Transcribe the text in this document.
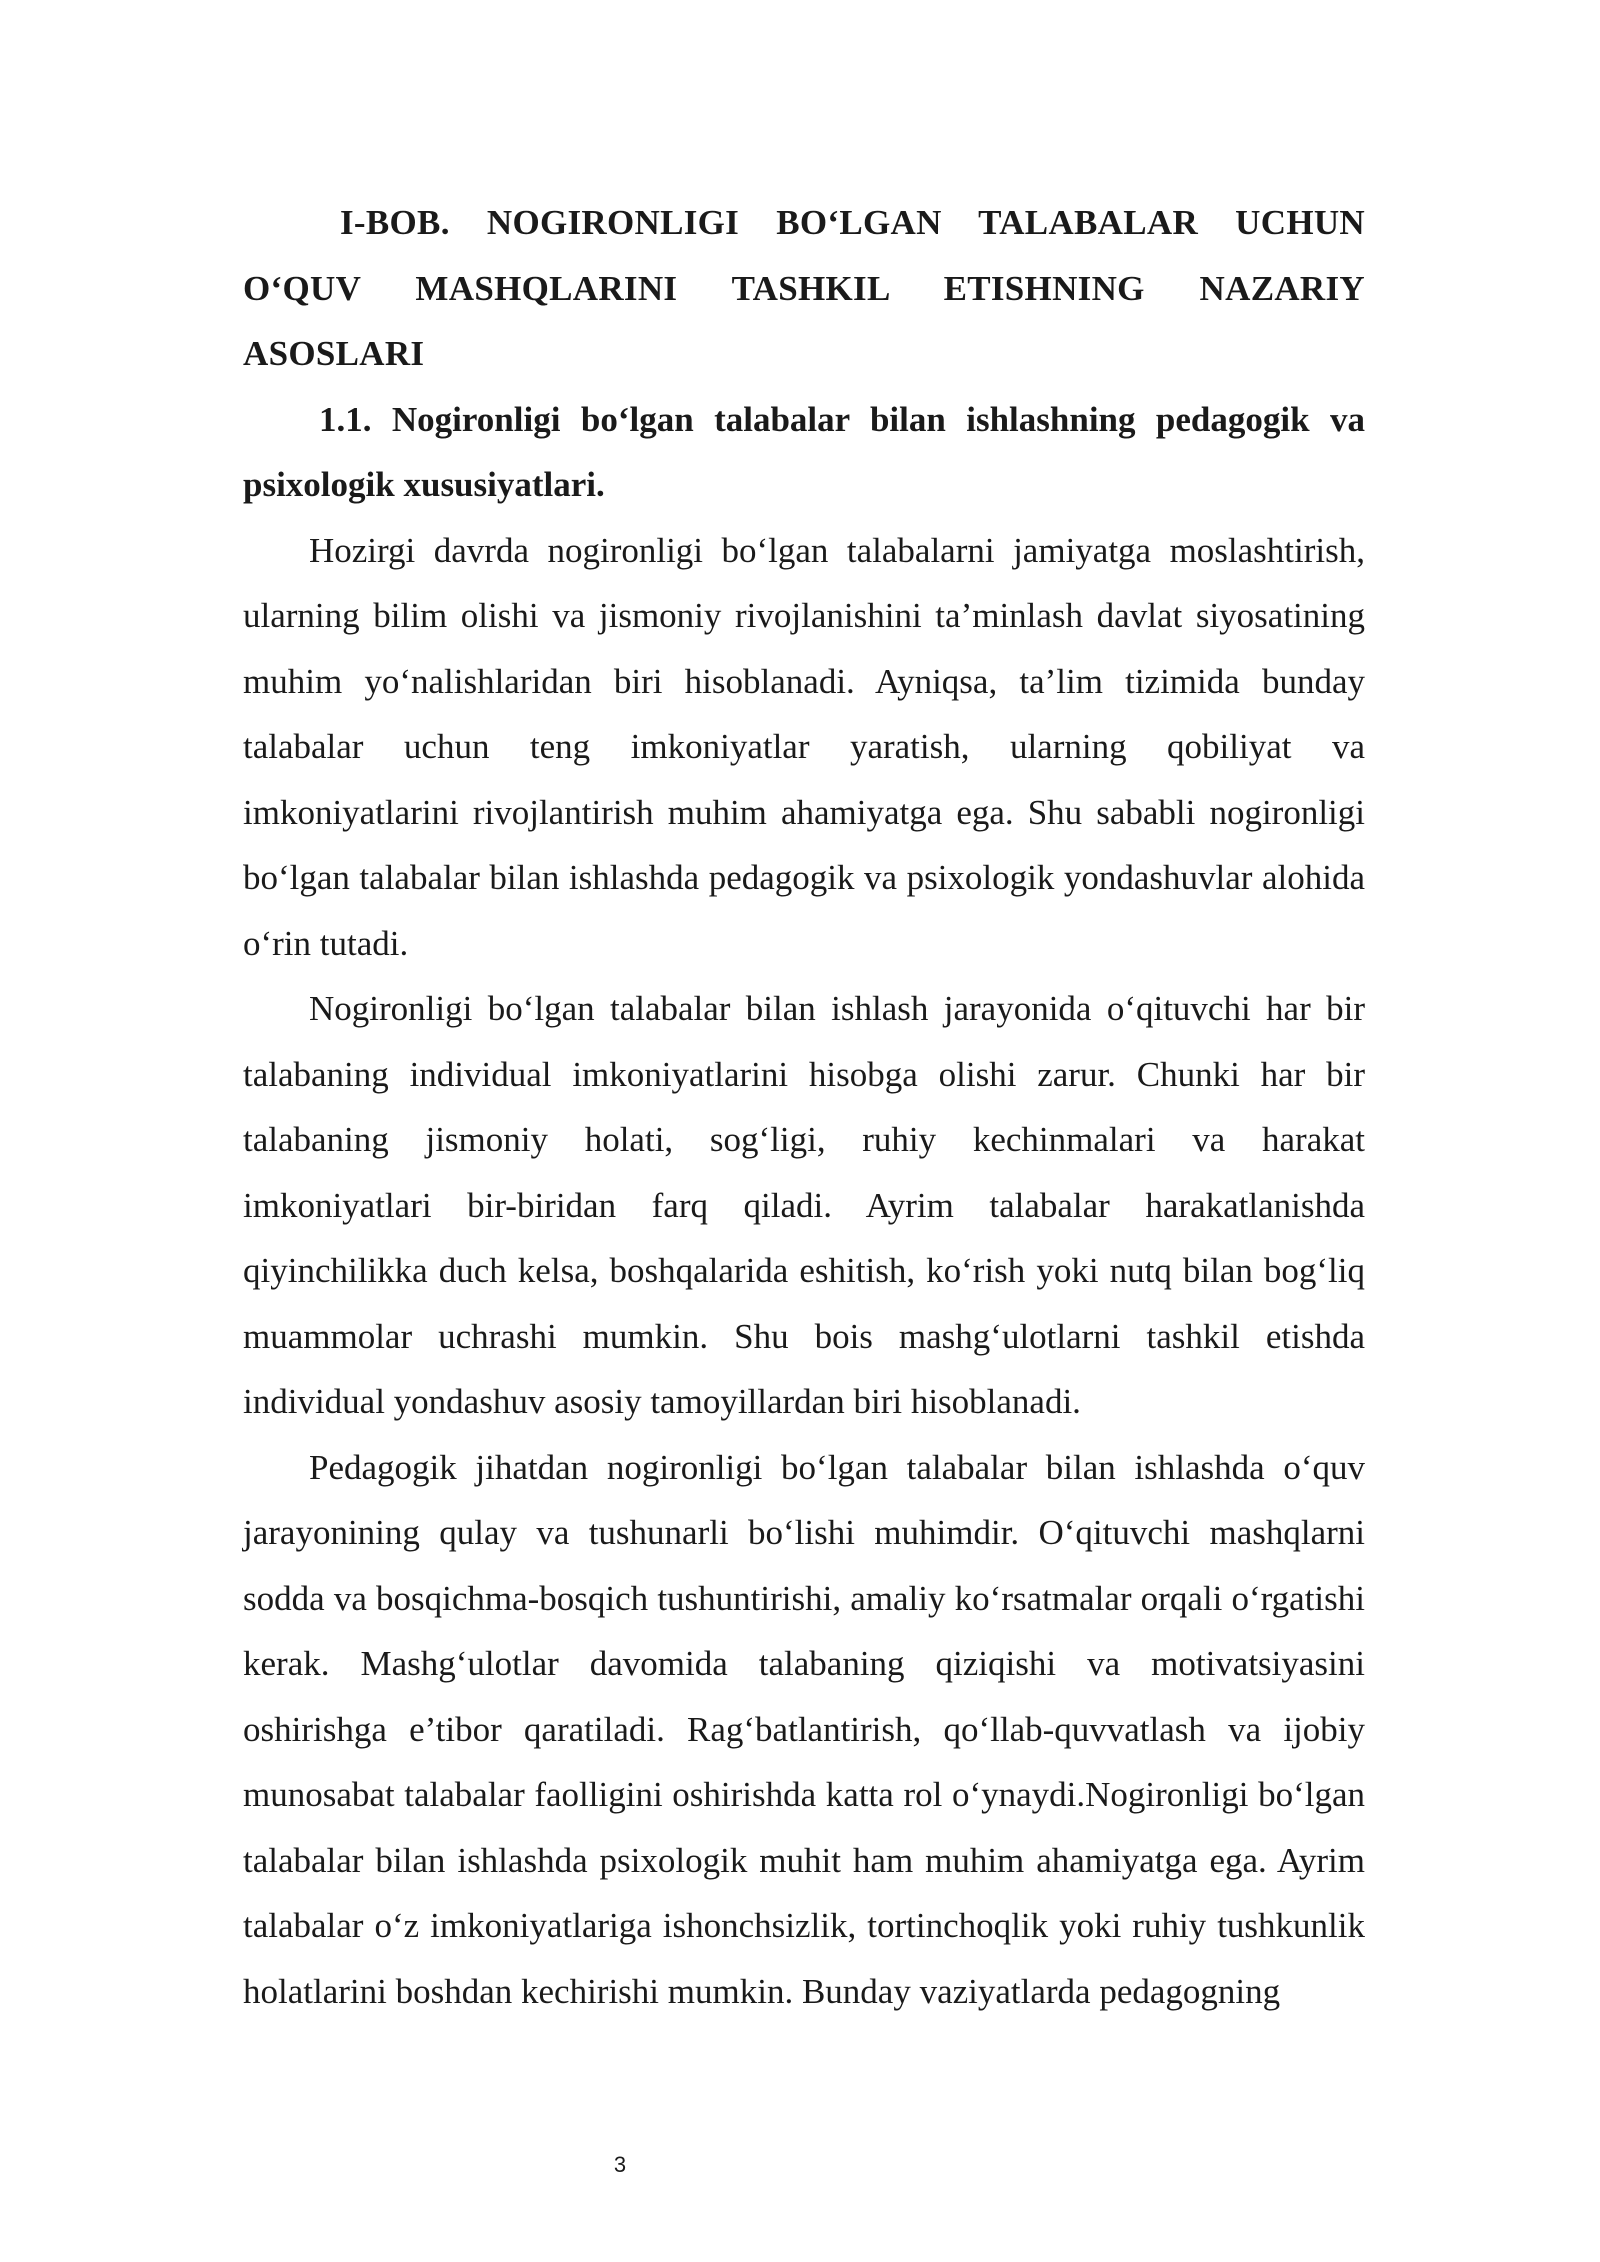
I-BOB. NOGIRONLIGI BO‘LGAN TALABALAR UCHUN O‘QUV MASHQLARINI TASHKIL ETISHNING NAZARIY ASOSLARI

1.1. Nogironligi bo‘lgan talabalar bilan ishlashning pedagogik va psixologik xususiyatlari.

Hozirgi davrda nogironligi bo‘lgan talabalarni jamiyatga moslashtirish, ularning bilim olishi va jismoniy rivojlanishini ta’minlash davlat siyosatining muhim yo‘nalishlaridan biri hisoblanadi. Ayniqsa, ta’lim tizimida bunday talabalar uchun teng imkoniyatlar yaratish, ularning qobiliyat va imkoniyatlarini rivojlantirish muhim ahamiyatga ega. Shu sababli nogironligi bo‘lgan talabalar bilan ishlashda pedagogik va psixologik yondashuvlar alohida o‘rin tutadi.

Nogironligi bo‘lgan talabalar bilan ishlash jarayonida o‘qituvchi har bir talabaning individual imkoniyatlarini hisobga olishi zarur. Chunki har bir talabaning jismoniy holati, sog‘ligi, ruhiy kechinmalari va harakat imkoniyatlari bir-biridan farq qiladi. Ayrim talabalar harakatlanishda qiyinchilikka duch kelsa, boshqalarida eshitish, ko‘rish yoki nutq bilan bog‘liq muammolar uchrashi mumkin. Shu bois mashg‘ulotlarni tashkil etishda individual yondashuv asosiy tamoyillardan biri hisoblanadi.

Pedagogik jihatdan nogironligi bo‘lgan talabalar bilan ishlashda o‘quv jarayonining qulay va tushunarli bo‘lishi muhimdir. O‘qituvchi mashqlarni sodda va bosqichma-bosqich tushuntirishi, amaliy ko‘rsatmalar orqali o‘rgatishi kerak. Mashg‘ulotlar davomida talabaning qiziqishi va motivatsiyasini oshirishga e’tibor qaratiladi. Rag‘batlantirish, qo‘llab-quvvatlash va ijobiy munosabat talabalar faolligini oshirishda katta rol o‘ynaydi.Nogironligi bo‘lgan talabalar bilan ishlashda psixologik muhit ham muhim ahamiyatga ega. Ayrim talabalar o‘z imkoniyatlariga ishonchsizlik, tortinchoqlik yoki ruhiy tushkunlik holatlarini boshdan kechirishi mumkin. Bunday vaziyatlarda pedagogning

3
